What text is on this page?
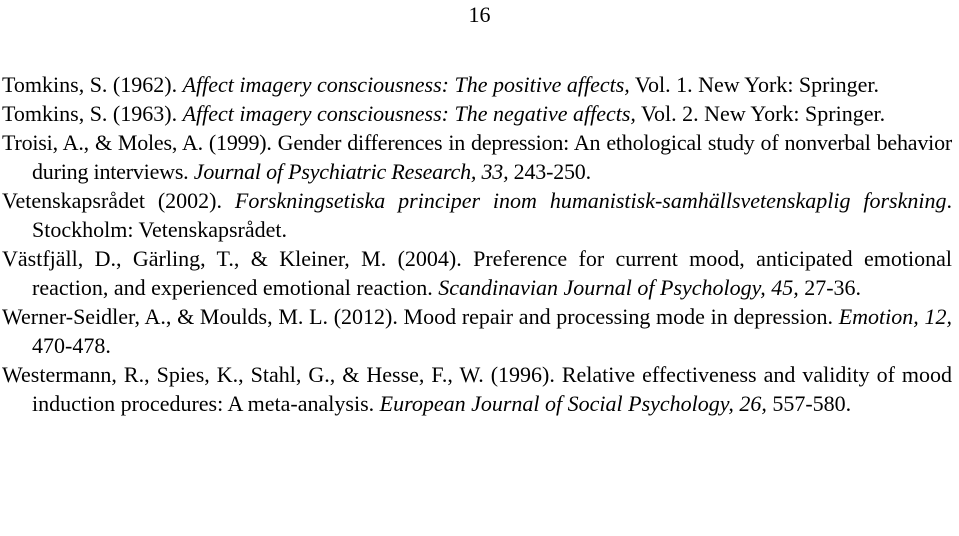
16

Tomkins, S. (1962). Affect imagery consciousness: The positive affects, Vol. 1. New York: Springer.

Tomkins, S. (1963). Affect imagery consciousness: The negative affects, Vol. 2. New York: Springer.

Troisi, A., & Moles, A. (1999). Gender differences in depression: An ethological study of nonverbal behavior during interviews. Journal of Psychiatric Research, 33, 243-250.

Vetenskapsrådet (2002). Forskningsetiska principer inom humanistisk-samhällsvetenskaplig forskning. Stockholm: Vetenskapsrådet.

Västfjäll, D., Gärling, T., & Kleiner, M. (2004). Preference for current mood, anticipated emotional reaction, and experienced emotional reaction. Scandinavian Journal of Psychology, 45, 27-36.

Werner-Seidler, A., & Moulds, M. L. (2012). Mood repair and processing mode in depression. Emotion, 12, 470-478.

Westermann, R., Spies, K., Stahl, G., & Hesse, F., W. (1996). Relative effectiveness and validity of mood induction procedures: A meta-analysis. European Journal of Social Psychology, 26, 557-580.
